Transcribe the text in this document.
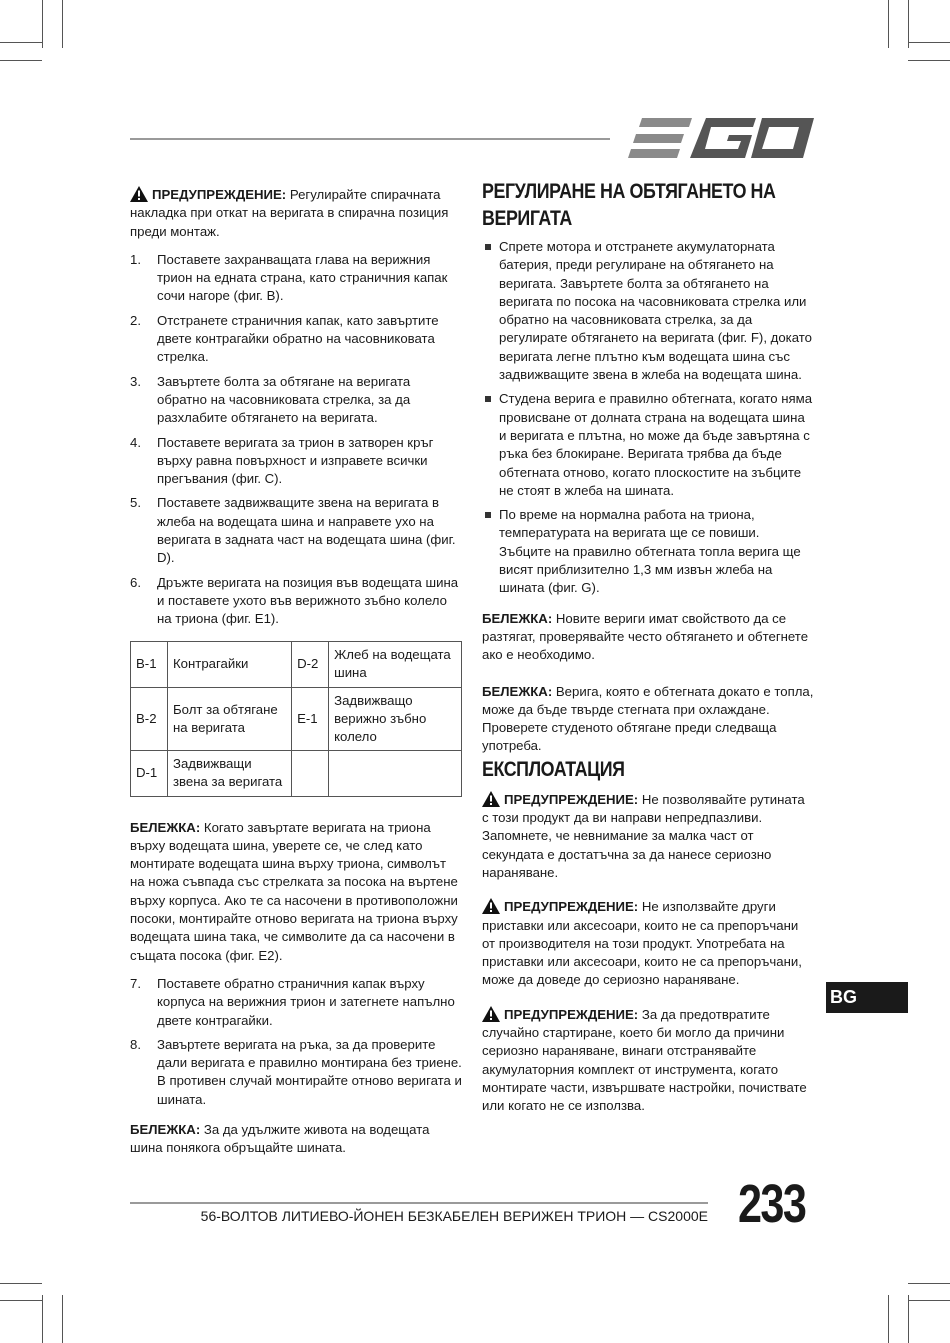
ПРЕДУПРЕЖДЕНИЕ: Регулирайте спирачната накладка при откат на веригата в спирачна позиция преди монтаж.

1. Поставете захранващата глава на верижния трион на едната страна, като страничния капак сочи нагоре (фиг. B).
2. Отстранете страничния капак, като завъртите двете контрагайки обратно на часовниковата стрелка.
3. Завъртете болта за обтягане на веригата обратно на часовниковата стрелка, за да разхлабите обтягането на веригата.
4. Поставете веригата за трион в затворен кръг върху равна повърхност и изправете всички прегъвания (фиг. C).
5. Поставете задвижващите звена на веригата в жлеба на водещата шина и направете ухо на веригата в задната част на водещата шина (фиг. D).
6. Дръжте веригата на позиция във водещата шина и поставете ухото във верижното зъбно колело на триона (фиг. E1).
B-1	Контрагайки	D-2	Жлеб на водещата шина
B-2	Болт за обтягане на веригата	E-1	Задвижващо верижно зъбно колело
D-1	Задвижващи звена за веригата		

БЕЛЕЖКА: Когато завъртате веригата на триона върху водещата шина, уверете се, че след като монтирате водещата шина върху триона, символът на ножа съвпада със стрелката за посока на въртене върху корпуса. Ако те са насочени в противоположни посоки, монтирайте отново веригата на триона върху водещата шина така, че символите да са насочени в същата посока (фиг. E2).

7. Поставете обратно страничния капак върху корпуса на верижния трион и затегнете напълно двете контрагайки.
8. Завъртете веригата на ръка, за да проверите дали веригата е правилно монтирана без триене. В противен случай монтирайте отново веригата и шината.

БЕЛЕЖКА: За да удължите живота на водещата шина понякога обръщайте шината.

РЕГУЛИРАНЕ НА ОБТЯГАНЕТО НА ВЕРИГАТА
Спрете мотора и отстранете акумулаторната батерия, преди регулиране на обтягането на веригата. Завъртете болта за обтягането на веригата по посока на часовниковата стрелка или обратно на часовниковата стрелка, за да регулирате обтягането на веригата (фиг. F), докато веригата легне плътно към водещата шина със задвижващите звена в жлеба на водещата шина.
Студена верига е правилно обтегната, когато няма провисване от долната страна на водещата шина и веригата е плътна, но може да бъде завъртяна с ръка без блокиране. Веригата трябва да бъде обтегната отново, когато плоскостите на зъбците не стоят в жлеба на шината.
По време на нормална работа на триона, температурата на веригата ще се повиши. Зъбците на правилно обтегната топла верига ще висят приблизително 1,3 мм извън жлеба на шината (фиг. G).

БЕЛЕЖКА: Новите вериги имат свойството да се разтягат, проверявайте често обтягането и обтегнете ако е необходимо.

БЕЛЕЖКА: Верига, която е обтегната докато е топла, може да бъде твърде стегната при охлаждане. Проверете студеното обтягане преди следваща употреба.

ЕКСПЛОАТАЦИЯ

ПРЕДУПРЕЖДЕНИЕ: Не позволявайте рутината с този продукт да ви направи непредпазливи. Запомнете, че невнимание за малка част от секундата е достатъчна за да нанесе сериозно нараняване.

ПРЕДУПРЕЖДЕНИЕ: Не използвайте други приставки или аксесоари, които не са препоръчани от производителя на този продукт. Употребата на приставки или аксесоари, които не са препоръчани, може да доведе до сериозно нараняване.

ПРЕДУПРЕЖДЕНИЕ: За да предотвратите случайно стартиране, което би могло да причини сериозно нараняване, винаги отстранявайте акумулаторния комплект от инструмента, когато монтирате части, извършвате настройки, почиствате или когато не се използва.

BG
56-ВОЛТОВ ЛИТИЕВО-ЙОНЕН БЕЗКАБЕЛЕН ВЕРИЖЕН ТРИОН — CS2000E 233
